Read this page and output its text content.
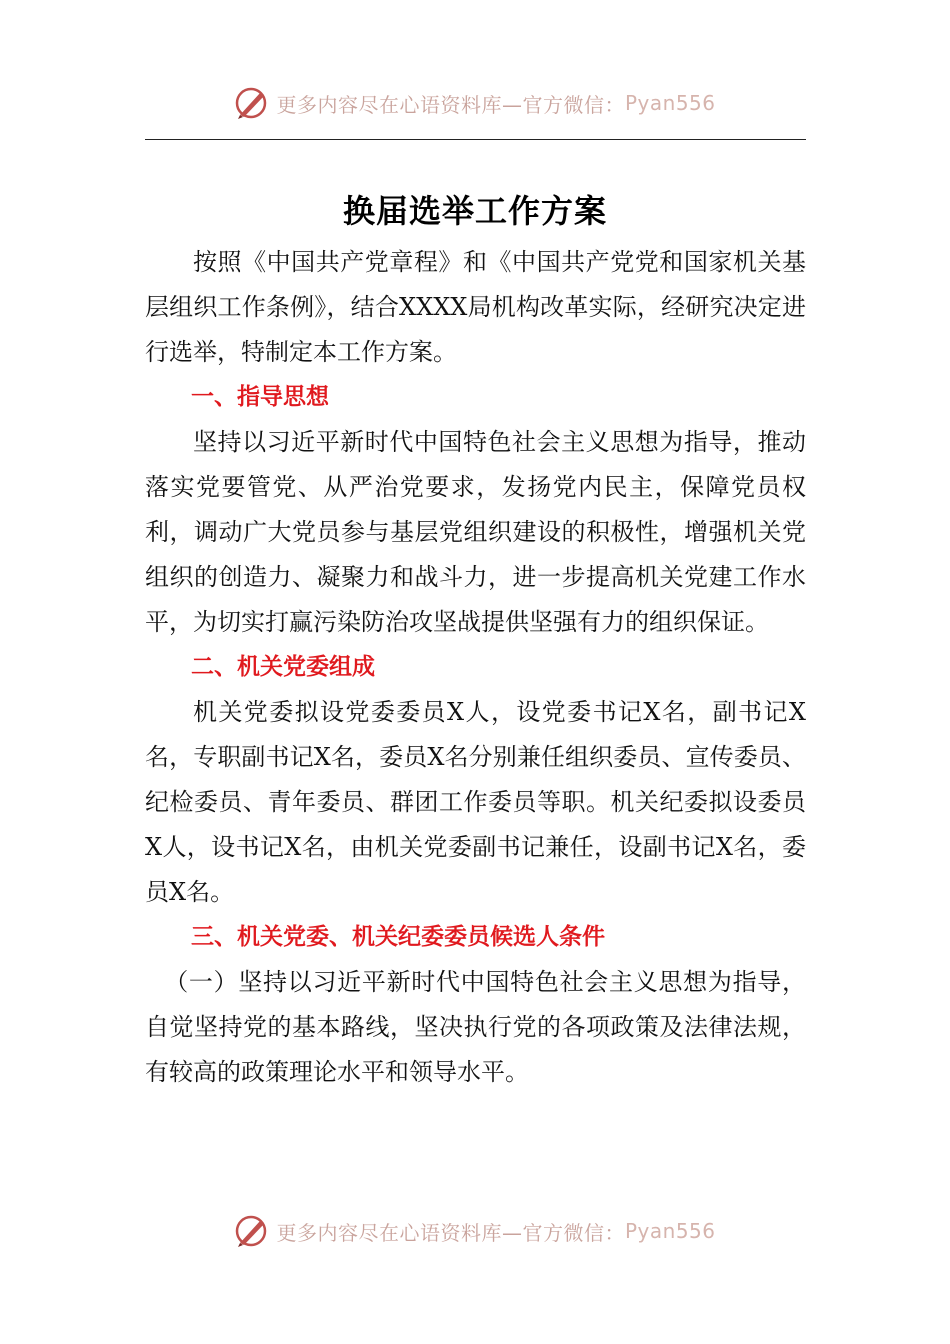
更多内容尽在心语资料库—官方微信： Pyan556
换届选举工作方案

按照《中国共产党章程》和《中国共产党党和国家机关基层组织工作条例》，结合XXXX局机构改革实际，经研究决定进行选举，特制定本工作方案。

一、指导思想

坚持以习近平新时代中国特色社会主义思想为指导，推动落实党要管党、从严治党要求，发扬党内民主，保障党员权利，调动广大党员参与基层党组织建设的积极性，增强机关党组织的创造力、凝聚力和战斗力，进一步提高机关党建工作水平，为切实打赢污染防治攻坚战提供坚强有力的组织保证。

二、机关党委组成

机关党委拟设党委委员X人，设党委书记X名，副书记X名，专职副书记X名，委员X名分别兼任组织委员、宣传委员、纪检委员、青年委员、群团工作委员等职。机关纪委拟设委员X人，设书记X名，由机关党委副书记兼任，设副书记X名，委员X名。

三、机关党委、机关纪委委员候选人条件

（一）坚持以习近平新时代中国特色社会主义思想为指导，自觉坚持党的基本路线，坚决执行党的各项政策及法律法规，有较高的政策理论水平和领导水平。

更多内容尽在心语资料库—官方微信： Pyan556
